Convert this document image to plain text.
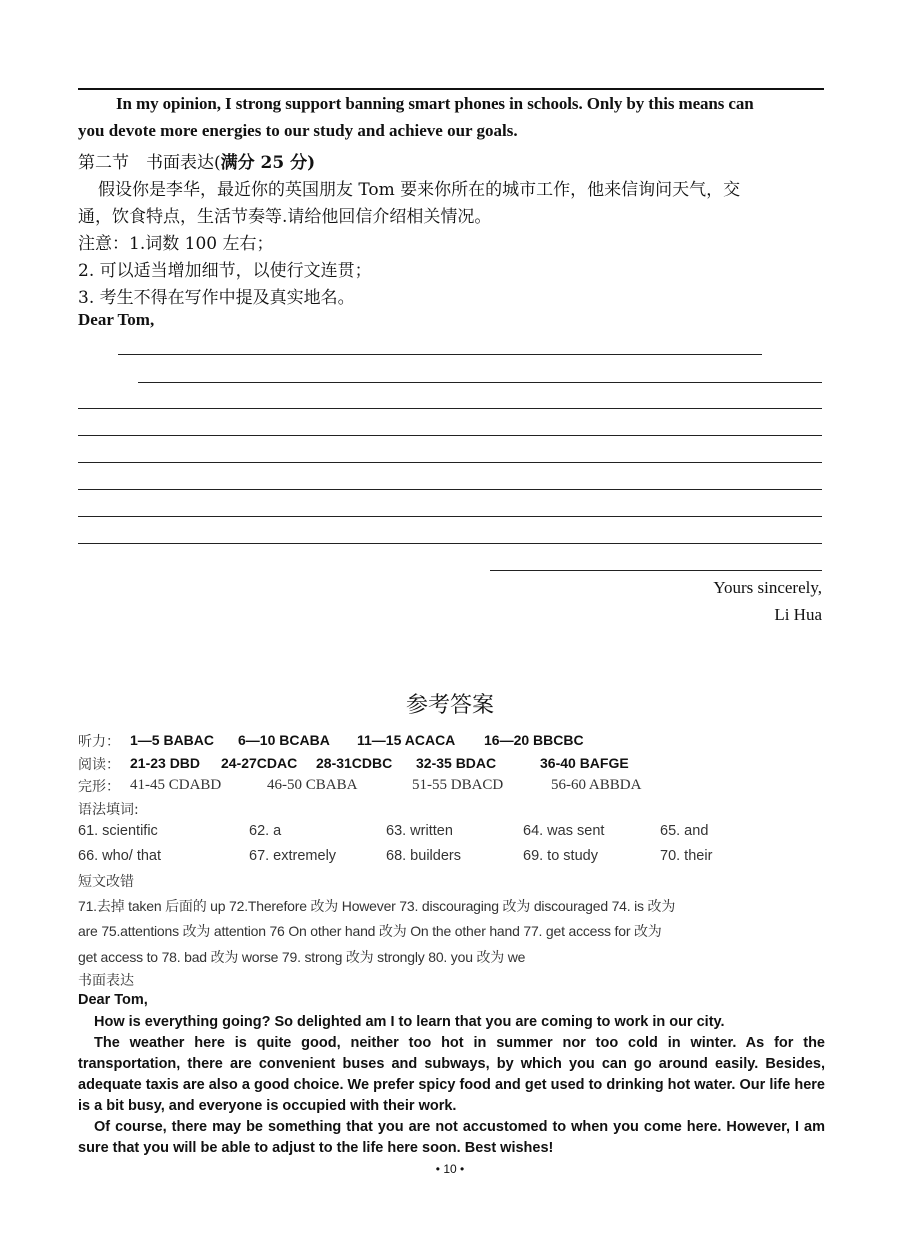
In my opinion, I strong support banning smart phones in schools. Only by this means can
you devote more energies to our study and achieve our goals.
第二节　书面表达(满分 25 分)
假设你是李华，最近你的英国朋友 Tom 要来你所在的城市工作，他来信询问天气，交
通，饮食特点，生活节奏等.请给他回信介绍相关情况。
注意：1.词数 100 左右；
2. 可以适当增加细节，以使行文连贯；
3. 考生不得在写作中提及真实地名。
Dear Tom,
Yours sincerely,
Li Hua
参考答案
听力： 1—5 BABAC 6—10 BCABA 11—15 ACACA 16—20 BBCBC
阅读： 21-23 DBD 24-27CDAC 28-31CDBC 32-35 BDAC	36-40 BAFGE
完形： 41-45 CDABD	46-50 CBABA	51-55 DBACD	56-60 ABBDA
语法填词:
61. scientific	62. a	63. written	64. was sent	65. and
66. who/ that	67. extremely	68. builders	69. to study	70. their
短文改错
71.去掉 taken 后面的 up 72.Therefore 改为 However 73. discouraging 改为 discouraged 74. is 改为
are 75.attentions 改为 attention 76 On other hand 改为 On the other hand 77. get access for 改为
get access to 78. bad 改为 worse 79. strong 改为 strongly 80. you 改为 we
书面表达
Dear Tom,
How is everything going? So delighted am I to learn that you are coming to work in our city.
The weather here is quite good, neither too hot in summer nor too cold in winter. As for the transportation, there are convenient buses and subways, by which you can go around easily. Besides, adequate taxis are also a good choice. We prefer spicy food and get used to drinking hot water. Our life here is a bit busy, and everyone is occupied with their work.
Of course, there may be something that you are not accustomed to when you come here. However, I am sure that you will be able to adjust to the life here soon. Best wishes!
• 10 •
